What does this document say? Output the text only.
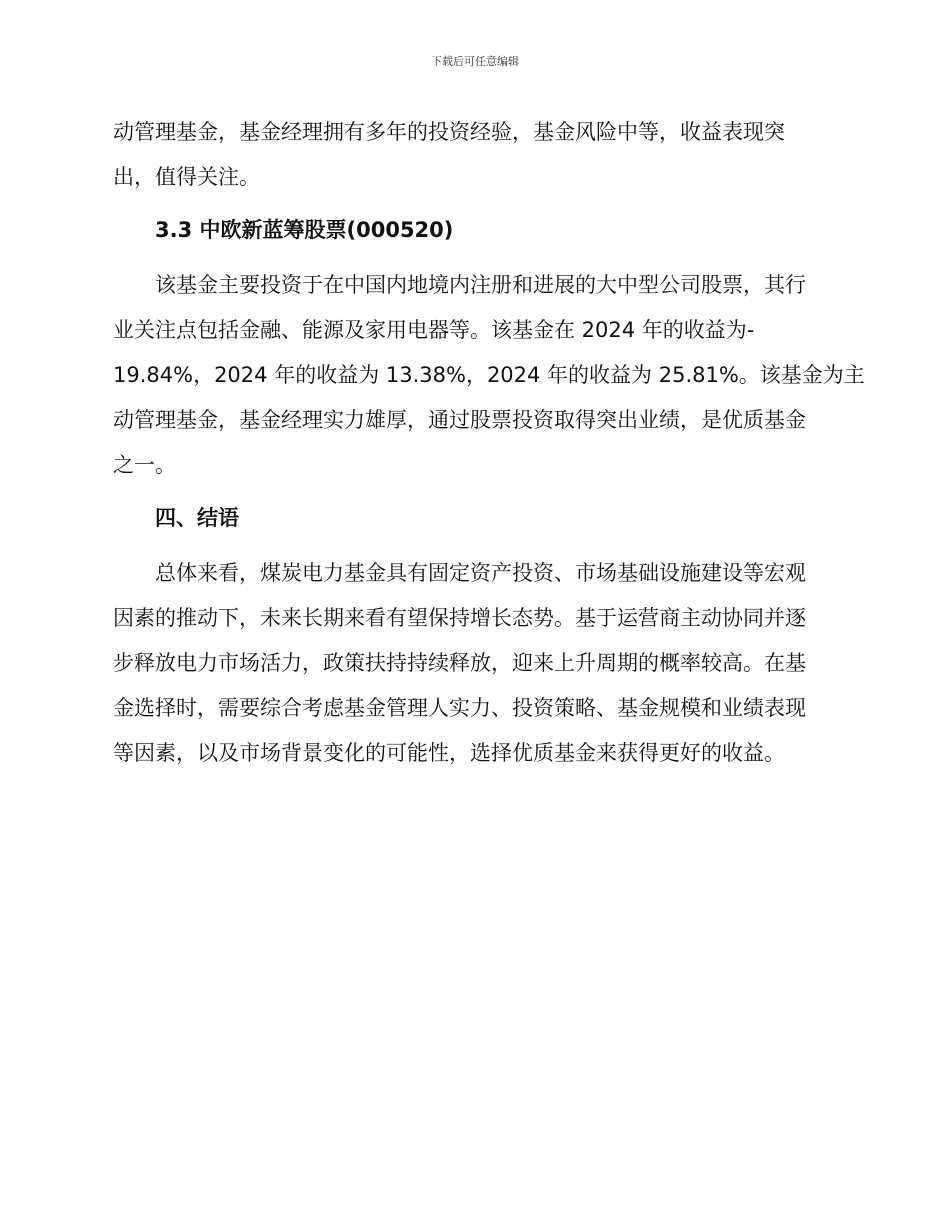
下载后可任意编辑

动管理基金，基金经理拥有多年的投资经验，基金风险中等，收益表现突
出，值得关注。

3.3 中欧新蓝筹股票(000520)

该基金主要投资于在中国内地境内注册和进展的大中型公司股票，其行
业关注点包括金融、能源及家用电器等。该基金在 2024 年的收益为-
19.84%，2024 年的收益为 13.38%，2024 年的收益为 25.81%。该基金为主
动管理基金，基金经理实力雄厚，通过股票投资取得突出业绩，是优质基金
之一。

四、结语

总体来看，煤炭电力基金具有固定资产投资、市场基础设施建设等宏观
因素的推动下，未来长期来看有望保持增长态势。基于运营商主动协同并逐
步释放电力市场活力，政策扶持持续释放，迎来上升周期的概率较高。在基
金选择时，需要综合考虑基金管理人实力、投资策略、基金规模和业绩表现
等因素，以及市场背景变化的可能性，选择优质基金来获得更好的收益。
